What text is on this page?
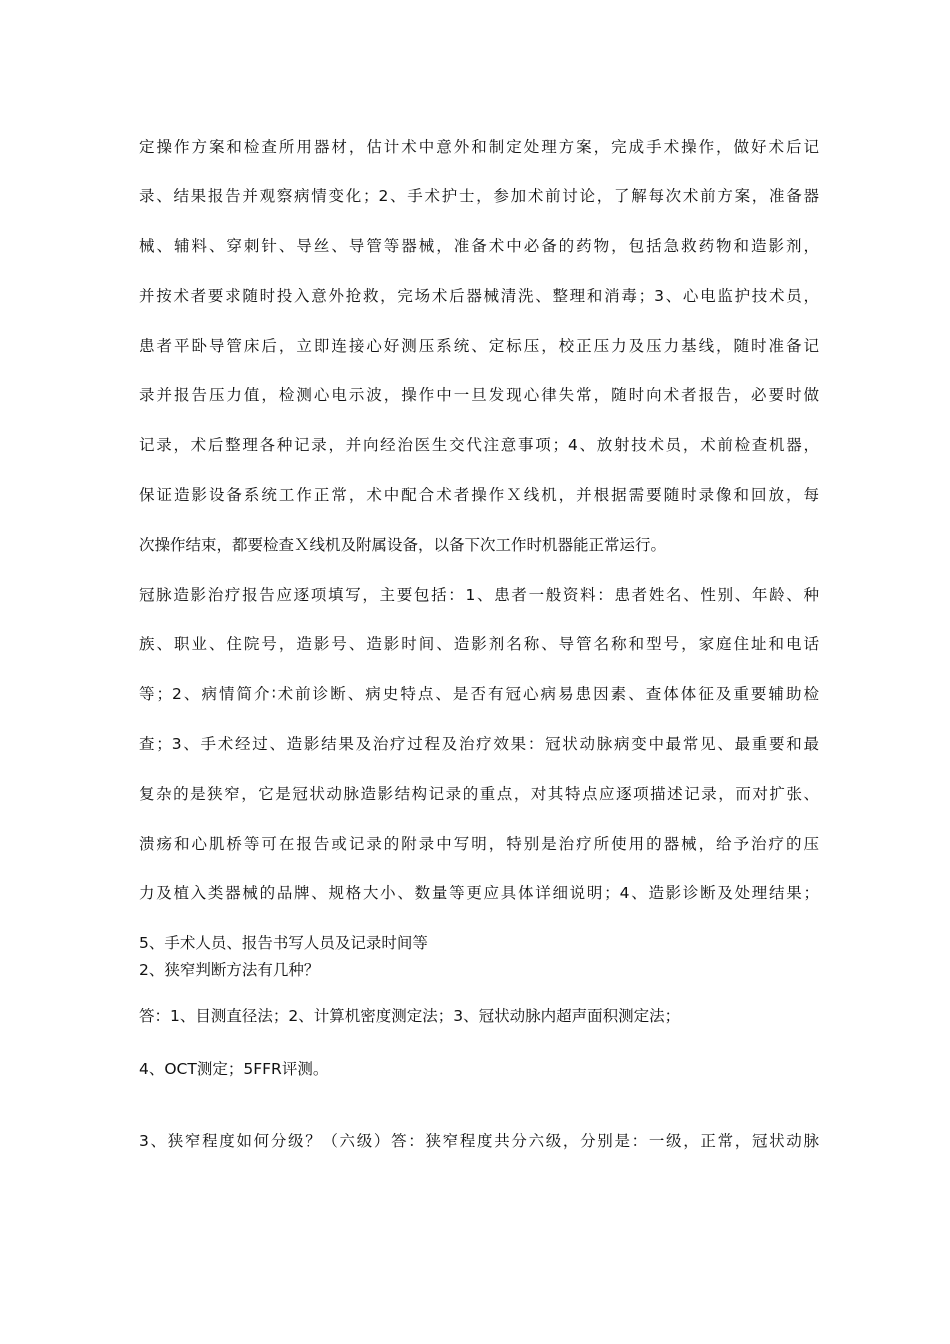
定操作方案和检查所用器材，估计术中意外和制定处理方案，完成手术操作，做好术后记
录、结果报告并观察病情变化；2、手术护士，参加术前讨论，了解每次术前方案，准备器
械、辅料、穿刺针、导丝、导管等器械，准备术中必备的药物，包括急救药物和造影剂，
并按术者要求随时投入意外抢救，完场术后器械清洗、整理和消毒；3、心电监护技术员，
患者平卧导管床后，立即连接心好测压系统、定标压，校正压力及压力基线，随时准备记
录并报告压力值，检测心电示波，操作中一旦发现心律失常，随时向术者报告，必要时做
记录，术后整理各种记录，并向经治医生交代注意事项；4、放射技术员，术前检查机器，
保证造影设备系统工作正常，术中配合术者操作Ｘ线机，并根据需要随时录像和回放，每
次操作结束，都要检查Ｘ线机及附属设备，以备下次工作时机器能正常运行。
冠脉造影治疗报告应逐项填写，主要包括：1、患者一般资料：患者姓名、性别、年龄、种
族、职业、住院号，造影号、造影时间、造影剂名称、导管名称和型号，家庭住址和电话
等；2、病情简介∶术前诊断、病史特点、是否有冠心病易患因素、查体体征及重要辅助检
查；3、手术经过、造影结果及治疗过程及治疗效果：冠状动脉病变中最常见、最重要和最
复杂的是狭窄，它是冠状动脉造影结构记录的重点，对其特点应逐项描述记录，而对扩张、
溃疡和心肌桥等可在报告或记录的附录中写明，特别是治疗所使用的器械，给予治疗的压
力及植入类器械的品牌、规格大小、数量等更应具体详细说明；4、造影诊断及处理结果；
5、手术人员、报告书写人员及记录时间等
2、狭窄判断方法有几种？
答：1、目测直径法；2、计算机密度测定法；3、冠状动脉内超声面积测定法；
4、OCT测定；5FFR评测。
3、狭窄程度如何分级？（六级）答：狭窄程度共分六级，分别是：一级，正常，冠状动脉
